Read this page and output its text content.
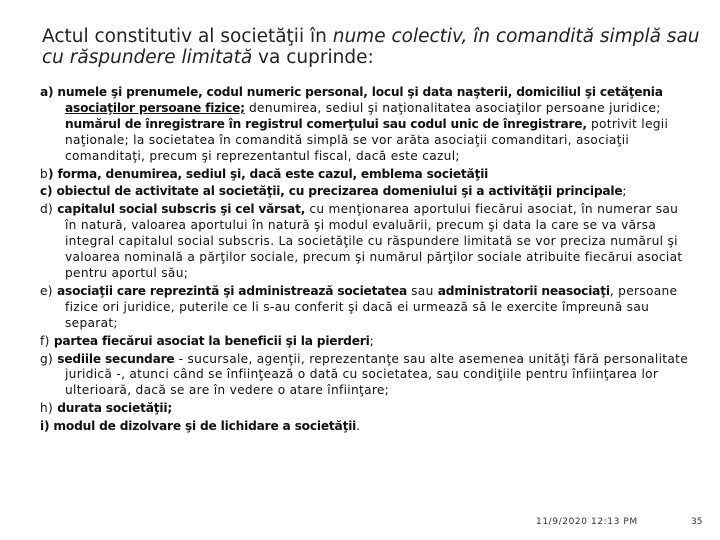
Actul constitutiv al societăţii în nume colectiv, în comandită simplă sau cu răspundere limitată va cuprinde:
a) numele şi prenumele, codul numeric personal, locul şi data naşterii, domiciliul şi cetăţenia asociaţilor persoane fizice; denumirea, sediul şi naţionalitatea asociaţilor persoane juridice; numărul de înregistrare în registrul comerţului sau codul unic de înregistrare, potrivit legii naţionale; la societatea în comandită simplă se vor arăta asociaţii comanditari, asociaţii comanditaţi, precum şi reprezentantul fiscal, dacă este cazul;
b) forma, denumirea, sediul şi, dacă este cazul, emblema societăţii
c) obiectul de activitate al societăţii, cu precizarea domeniului şi a activităţii principale;
d) capitalul social subscris şi cel vărsat, cu menţionarea aportului fiecărui asociat, în numerar sau în natură, valoarea aportului în natură şi modul evaluării, precum şi data la care se va vărsa integral capitalul social subscris. La societăţile cu răspundere limitată se vor preciza numărul şi valoarea nominală a părţilor sociale, precum şi numărul părţilor sociale atribuite fiecărui asociat pentru aportul său;
e) asociaţii care reprezintă şi administrează societatea sau administratorii neasociaţi, persoane fizice ori juridice, puterile ce li s-au conferit şi dacă ei urmează să le exercite împreună sau separat;
f) partea fiecărui asociat la beneficii şi la pierderi;
g) sediile secundare - sucursale, agenţii, reprezentanţe sau alte asemenea unităţi fără personalitate juridică -, atunci când se înfiinţează o dată cu societatea, sau condiţiile pentru înfiinţarea lor ulterioară, dacă se are în vedere o atare înfiinţare;
h) durata societăţii;
i) modul de dizolvare şi de lichidare a societăţii.
11/9/2020 12:13 PM	35
